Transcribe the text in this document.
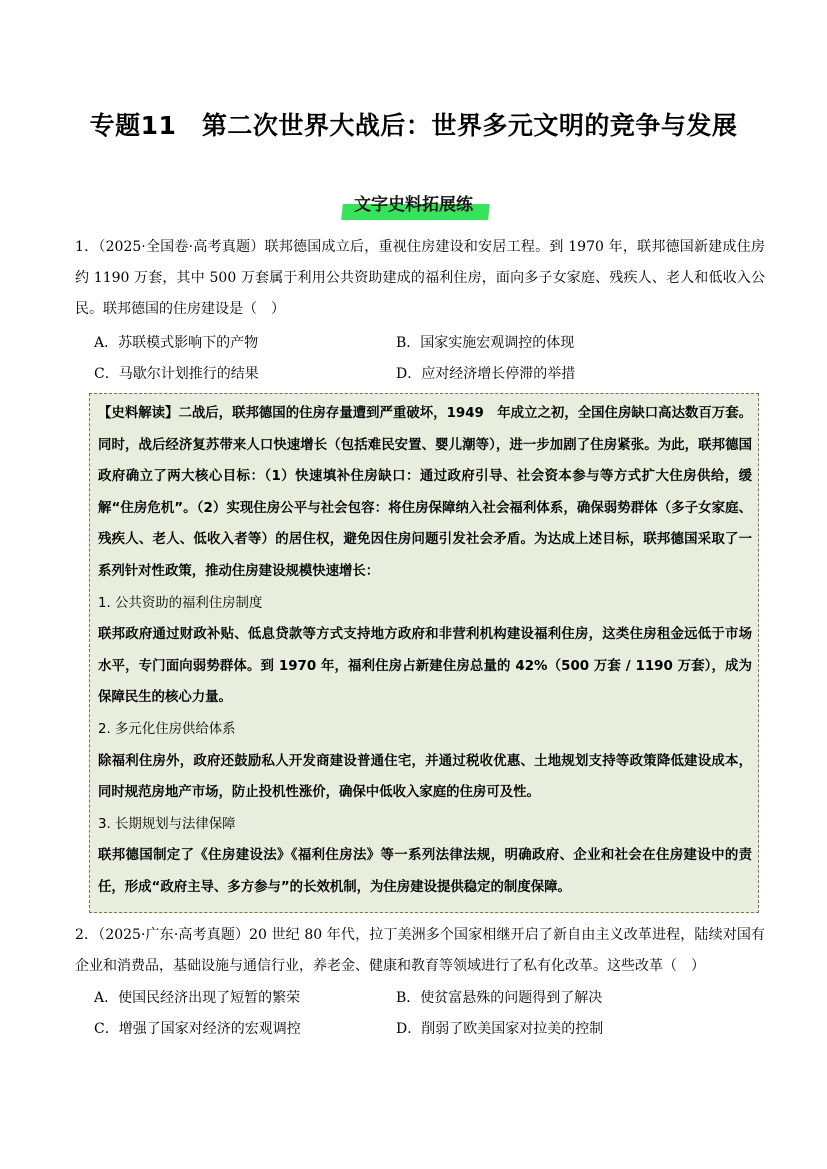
专题11　第二次世界大战后：世界多元文明的竞争与发展
文字史料拓展练
1．（2025·全国卷·高考真题）联邦德国成立后，重视住房建设和安居工程。到 1970 年，联邦德国新建成住房约 1190 万套，其中 500 万套属于利用公共资助建成的福利住房，面向多子女家庭、残疾人、老人和低收入公民。联邦德国的住房建设是（　）
A．苏联模式影响下的产物	B．国家实施宏观调控的体现
C．马歇尔计划推行的结果	D．应对经济增长停滞的举措

【史料解读】二战后，联邦德国的住房存量遭到严重破坏，1949　年成立之初，全国住房缺口高达数百万套。同时，战后经济复苏带来人口快速增长（包括难民安置、婴儿潮等），进一步加剧了住房紧张。为此，联邦德国政府确立了两大核心目标：（1）快速填补住房缺口：通过政府引导、社会资本参与等方式扩大住房供给，缓解“住房危机”。（2）实现住房公平与社会包容：将住房保障纳入社会福利体系，确保弱势群体（多子女家庭、残疾人、老人、低收入者等）的居住权，避免因住房问题引发社会矛盾。为达成上述目标，联邦德国采取了一系列针对性政策，推动住房建设规模快速增长：

1. 公共资助的福利住房制度

联邦政府通过财政补贴、低息贷款等方式支持地方政府和非营利机构建设福利住房，这类住房租金远低于市场水平，专门面向弱势群体。到 1970 年，福利住房占新建住房总量的 42%（500 万套 / 1190 万套），成为保障民生的核心力量。

2. 多元化住房供给体系

除福利住房外，政府还鼓励私人开发商建设普通住宅，并通过税收优惠、土地规划支持等政策降低建设成本，同时规范房地产市场，防止投机性涨价，确保中低收入家庭的住房可及性。

3. 长期规划与法律保障

联邦德国制定了《住房建设法》《福利住房法》等一系列法律法规，明确政府、企业和社会在住房建设中的责任，形成“政府主导、多方参与”的长效机制，为住房建设提供稳定的制度保障。

2．（2025·广东·高考真题）20 世纪 80 年代，拉丁美洲多个国家相继开启了新自由主义改革进程，陆续对国有企业和消费品，基础设施与通信行业，养老金、健康和教育等领域进行了私有化改革。这些改革（　）
A．使国民经济出现了短暂的繁荣	B．使贫富悬殊的问题得到了解决
C．增强了国家对经济的宏观调控	D．削弱了欧美国家对拉美的控制
